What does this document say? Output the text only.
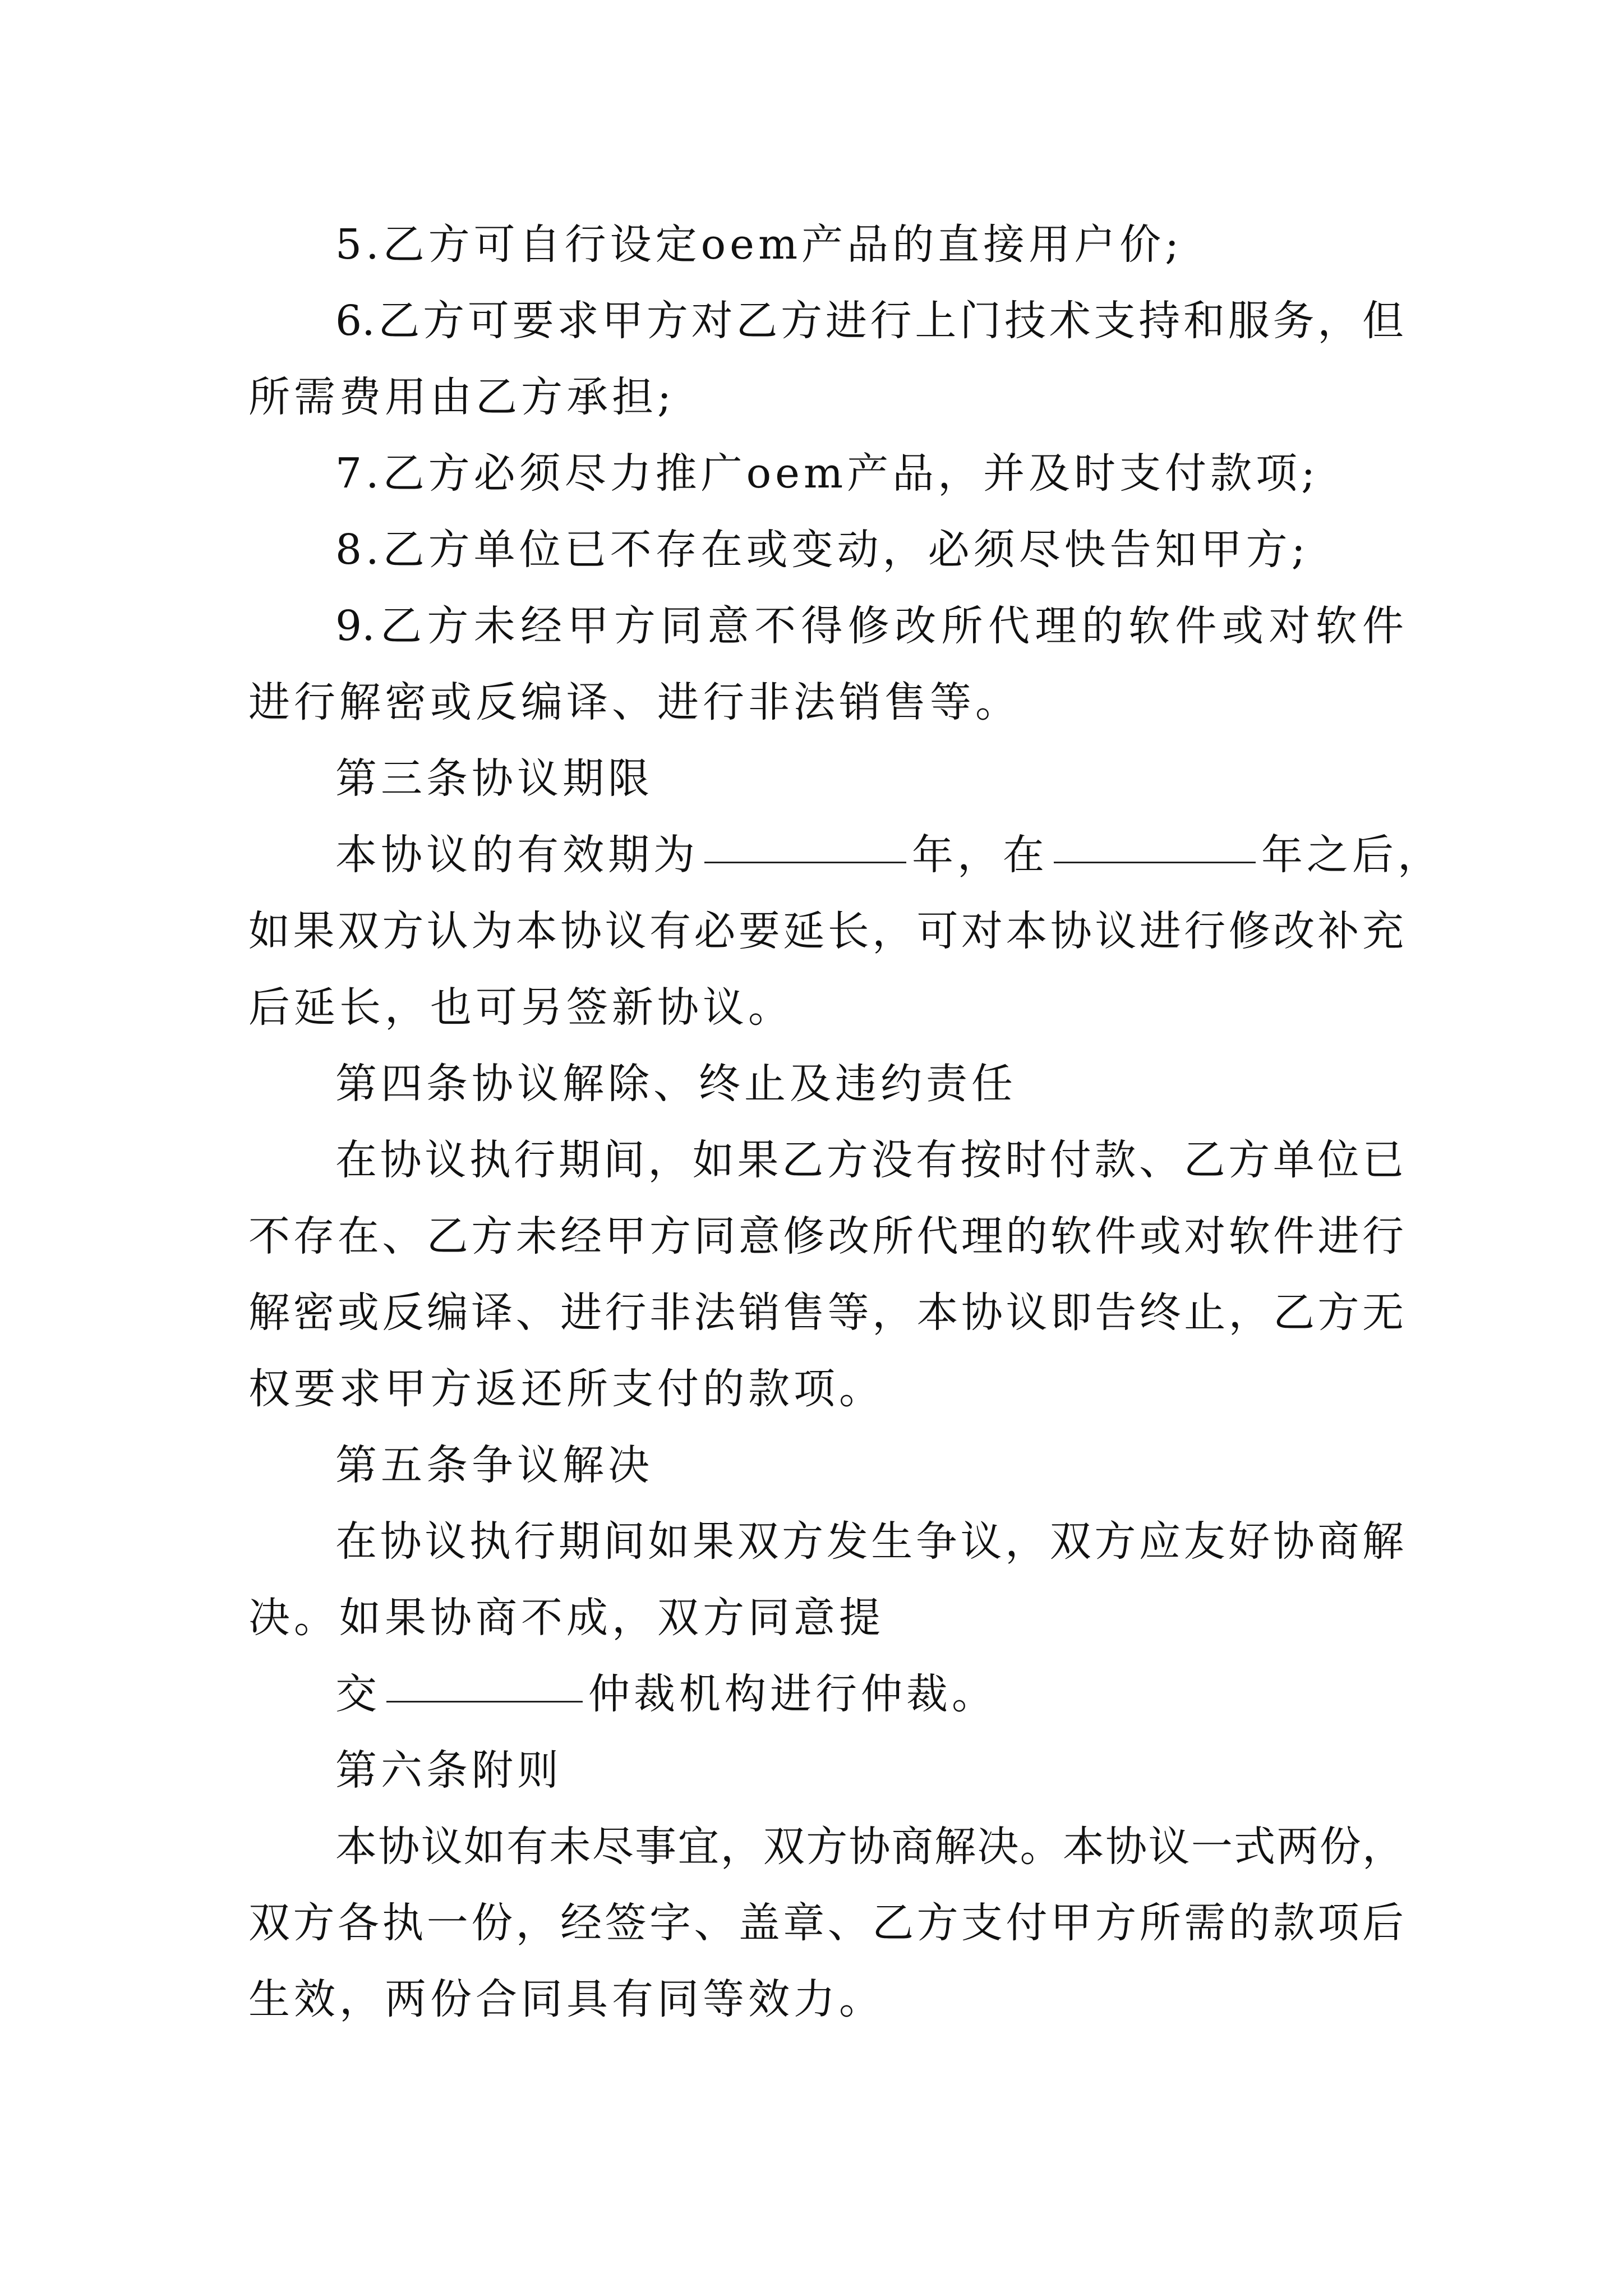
5.乙方可自行设定oem产品的直接用户价;
6.乙方可要求甲方对乙方进行上门技术支持和服务，但
所需费用由乙方承担;
7.乙方必须尽力推广oem产品，并及时支付款项;
8.乙方单位已不存在或变动，必须尽快告知甲方;
9.乙方未经甲方同意不得修改所代理的软件或对软件
进行解密或反编译、进行非法销售等。
第三条协议期限
本协议的有效期为	年，在	年之后，
如果双方认为本协议有必要延长，可对本协议进行修改补充
后延长，也可另签新协议。
第四条协议解除、终止及违约责任
在协议执行期间，如果乙方没有按时付款、乙方单位已
不存在、乙方未经甲方同意修改所代理的软件或对软件进行
解密或反编译、进行非法销售等，本协议即告终止，乙方无
权要求甲方返还所支付的款项。
第五条争议解决
在协议执行期间如果双方发生争议，双方应友好协商解
决。如果协商不成，双方同意提
交	仲裁机构进行仲裁。
第六条附则
本协议如有未尽事宜，双方协商解决。本协议一式两份，
双方各执一份，经签字、盖章、乙方支付甲方所需的款项后
生效，两份合同具有同等效力。
